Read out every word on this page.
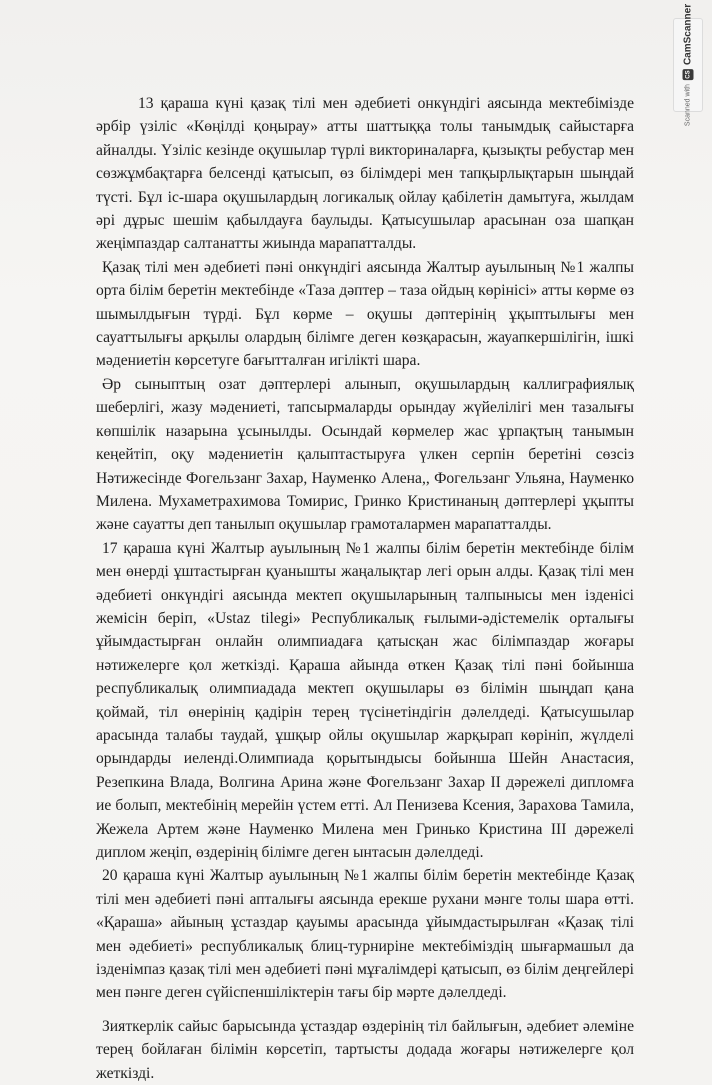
Scanned with
CS
CamScanner

13 қараша күні қазақ тілі мен әдебиеті онкүндігі аясында мектебімізде әрбір үзіліс «Көңілді қоңырау» атты шаттыққа толы танымдық сайыстарға айналды. Үзіліс кезінде оқушылар түрлі викториналарға, қызықты ребустар мен сөзжұмбақтарға белсенді қатысып, өз білімдері мен тапқырлықтарын шыңдай түсті. Бұл іс-шара оқушылардың логикалық ойлау қабілетін дамытуға, жылдам әрі дұрыс шешім қабылдауға баулыды. Қатысушылар арасынан оза шапқан жеңімпаздар салтанатты жиында марапатталды.

Қазақ тілі мен әдебиеті пәні онкүндігі аясында Жалтыр ауылының №1 жалпы орта білім беретін мектебінде «Таза дәптер – таза ойдың көрінісі» атты көрме өз шымылдығын түрді. Бұл көрме – оқушы дәптерінің ұқыптылығы мен сауаттылығы арқылы олардың білімге деген көзқарасын, жауапкершілігін, ішкі мәдениетін көрсетуге бағытталған игілікті шара.

Әр сыныптың озат дәптерлері алынып, оқушылардың каллиграфиялық шеберлігі, жазу мәдениеті, тапсырмаларды орындау жүйелілігі мен тазалығы көпшілік назарына ұсынылды. Осындай көрмелер жас ұрпақтың танымын кеңейтіп, оқу мәдениетін қалыптастыруға үлкен серпін беретіні сөзсіз Нәтижесінде Фогельзанг Захар, Науменко Алена,, Фогельзанг Ульяна, Науменко Милена. Мухаметрахимова Томирис, Гринко Кристинаның дәптерлері ұқыпты және сауатты деп танылып оқушылар грамоталармен марапатталды.

17 қараша күні Жалтыр ауылының №1 жалпы білім беретін мектебінде білім мен өнерді ұштастырған қуанышты жаңалықтар легі орын алды. Қазақ тілі мен әдебиеті онкүндігі аясында мектеп оқушыларының талпынысы мен ізденісі жемісін беріп, «Ustaz tilegi» Республикалық ғылыми-әдістемелік орталығы ұйымдастырған онлайн олимпиадаға қатысқан жас білімпаздар жоғары нәтижелерге қол жеткізді. Қараша айында өткен Қазақ тілі пәні бойынша республикалық олимпиадада мектеп оқушылары өз білімін шыңдап қана қоймай, тіл өнерінің қадірін терең түсінетіндігін дәлелдеді. Қатысушылар арасында талабы таудай, ұшқыр ойлы оқушылар жарқырап көрініп, жүлделі орындарды иеленді.Олимпиада қорытындысы бойынша Шейн Анастасия, Резепкина Влада, Волгина Арина және Фогельзанг Захар II дәрежелі дипломға ие болып, мектебінің мерейін үстем етті. Ал Пенизева Ксения, Зарахова Тамила, Жежела Артем және Науменко Милена мен Гринько Кристина III дәрежелі диплом жеңіп, өздерінің білімге деген ынтасын дәлелдеді.

20 қараша күні Жалтыр ауылының №1 жалпы білім беретін мектебінде Қазақ тілі мен әдебиеті пәні апталығы аясында ерекше рухани мәнге толы шара өтті. «Қараша» айының ұстаздар қауымы арасында ұйымдастырылған «Қазақ тілі мен әдебиеті» республикалық блиц-турниріне мектебімiздің шығармашыл да ізденімпаз қазақ тілі мен әдебиеті пәні мұғалімдері қатысып, өз білім деңгейлері мен пәнге деген сүйіспеншіліктерін тағы бір мәрте дәлелдеді.

Зияткерлік сайыс барысында ұстаздар өздерінің тіл байлығын, әдебиет әлеміне терең бойлаған білімін көрсетіп, тартысты додада жоғары нәтижелерге қол жеткізді.
